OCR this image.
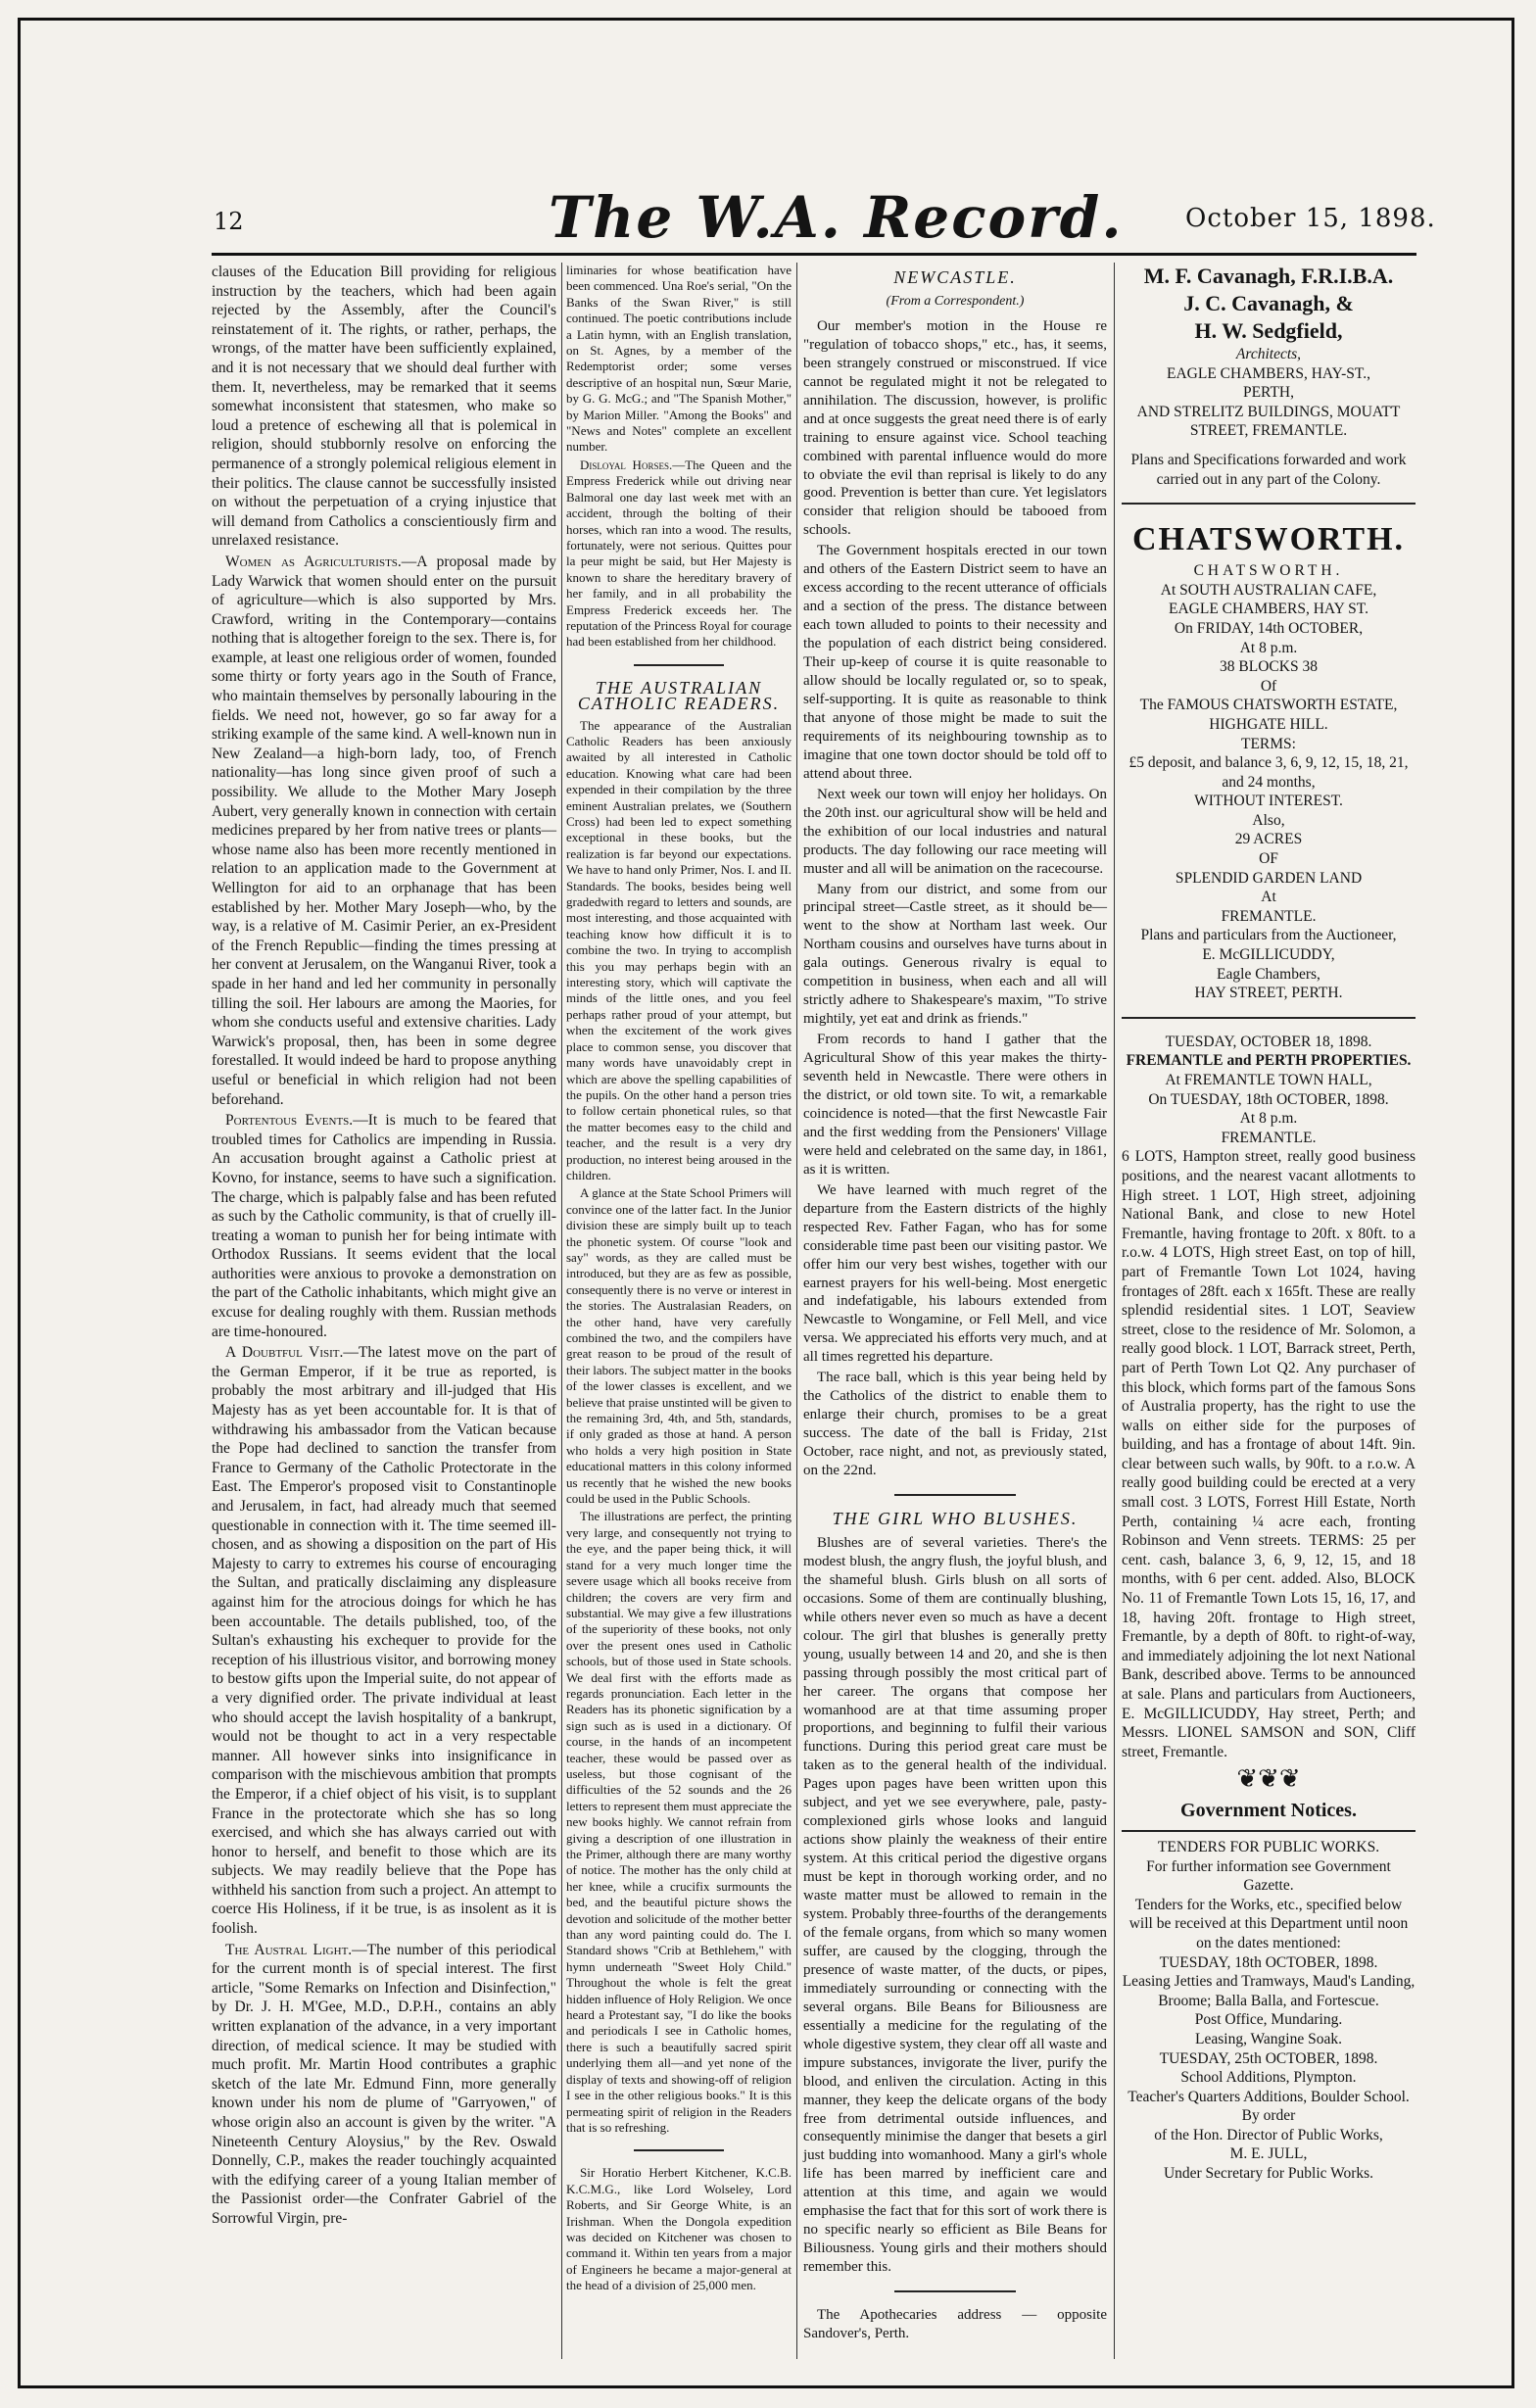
12	The W.A. Record. October 15, 1898.

clauses of the Education Bill providing for religious instruction by the teachers, which had been again rejected by the Assembly, after the Council's reinstatement of it. The rights, or rather, perhaps, the wrongs, of the matter have been sufficiently explained, and it is not necessary that we should deal further with them. It, nevertheless, may be remarked that it seems somewhat inconsistent that statesmen, who make so loud a pretence of eschewing all that is polemical in religion, should stubbornly resolve on enforcing the permanence of a strongly polemical religious element in their politics. The clause cannot be successfully insisted on without the perpetuation of a crying injustice that will demand from Catholics a conscientiously firm and unrelaxed resistance.

Women as Agriculturists.—A proposal made by Lady Warwick that women should enter on the pursuit of agriculture—which is also supported by Mrs. Crawford, writing in the Contemporary—contains nothing that is altogether foreign to the sex. There is, for example, at least one religious order of women, founded some thirty or forty years ago in the South of France, who maintain themselves by personally labouring in the fields. We need not, however, go so far away for a striking example of the same kind. A well-known nun in New Zealand—a high-born lady, too, of French nationality—has long since given proof of such a possibility. We allude to the Mother Mary Joseph Aubert, very generally known in connection with certain medicines prepared by her from native trees or plants—whose name also has been more recently mentioned in relation to an application made to the Government at Wellington for aid to an orphanage that has been established by her. Mother Mary Joseph—who, by the way, is a relative of M. Casimir Perier, an ex-President of the French Republic—finding the times pressing at her convent at Jerusalem, on the Wanganui River, took a spade in her hand and led her community in personally tilling the soil. Her labours are among the Maories, for whom she conducts useful and extensive charities. Lady Warwick's proposal, then, has been in some degree forestalled. It would indeed be hard to propose anything useful or beneficial in which religion had not been beforehand.

Portentous Events.—It is much to be feared that troubled times for Catholics are impending in Russia. An accusation brought against a Catholic priest at Kovno, for instance, seems to have such a signification. The charge, which is palpably false and has been refuted as such by the Catholic community, is that of cruelly ill-treating a woman to punish her for being intimate with Orthodox Russians. It seems evident that the local authorities were anxious to provoke a demonstration on the part of the Catholic inhabitants, which might give an excuse for dealing roughly with them. Russian methods are time-honoured.

A Doubtful Visit.—The latest move on the part of the German Emperor, if it be true as reported, is probably the most arbitrary and ill-judged that His Majesty has as yet been accountable for. It is that of withdrawing his ambassador from the Vatican because the Pope had declined to sanction the transfer from France to Germany of the Catholic Protectorate in the East. The Emperor's proposed visit to Constantinople and Jerusalem, in fact, had already much that seemed questionable in connection with it. The time seemed ill-chosen, and as showing a disposition on the part of His Majesty to carry to extremes his course of encouraging the Sultan, and pratically disclaiming any displeasure against him for the atrocious doings for which he has been accountable. The details published, too, of the Sultan's exhausting his exchequer to provide for the reception of his illustrious visitor, and borrowing money to bestow gifts upon the Imperial suite, do not appear of a very dignified order. The private individual at least who should accept the lavish hospitality of a bankrupt, would not be thought to act in a very respectable manner. All however sinks into insignificance in comparison with the mischievous ambition that prompts the Emperor, if a chief object of his visit, is to supplant France in the protectorate which she has so long exercised, and which she has always carried out with honor to herself, and benefit to those which are its subjects. We may readily believe that the Pope has withheld his sanction from such a project. An attempt to coerce His Holiness, if it be true, is as insolent as it is foolish.

The Austral Light.—The number of this periodical for the current month is of special interest. The first article, "Some Remarks on Infection and Disinfection," by Dr. J. H. M'Gee, M.D., D.P.H., contains an ably written explanation of the advance, in a very important direction, of medical science. It may be studied with much profit. Mr. Martin Hood contributes a graphic sketch of the late Mr. Edmund Finn, more generally known under his nom de plume of "Garryowen," of whose origin also an account is given by the writer. "A Nineteenth Century Aloysius," by the Rev. Oswald Donnelly, C.P., makes the reader touchingly acquainted with the edifying career of a young Italian member of the Passionist order—the Confrater Gabriel of the Sorrowful Virgin, pre-

liminaries for whose beatification have been commenced. Una Roe's serial, "On the Banks of the Swan River," is still continued. The poetic contributions include a Latin hymn, with an English translation, on St. Agnes, by a member of the Redemptorist order; some verses descriptive of an hospital nun, Sœur Marie, by G. G. McG.; and "The Spanish Mother," by Marion Miller. "Among the Books" and "News and Notes" complete an excellent number.

Disloyal Horses.—The Queen and the Empress Frederick while out driving near Balmoral one day last week met with an accident, through the bolting of their horses, which ran into a wood. The results, fortunately, were not serious. Quittes pour la peur might be said, but Her Majesty is known to share the hereditary bravery of her family, and in all probability the Empress Frederick exceeds her. The reputation of the Princess Royal for courage had been established from her childhood.

THE AUSTRALIAN CATHOLIC READERS.

The appearance of the Australian Catholic Readers has been anxiously awaited by all interested in Catholic education. Knowing what care had been expended in their compilation by the three eminent Australian prelates, we (Southern Cross) had been led to expect something exceptional in these books, but the realization is far beyond our expectations. We have to hand only Primer, Nos. I. and II. Standards. The books, besides being well gradedwith regard to letters and sounds, are most interesting, and those acquainted with teaching know how difficult it is to combine the two. In trying to accomplish this you may perhaps begin with an interesting story, which will captivate the minds of the little ones, and you feel perhaps rather proud of your attempt, but when the excitement of the work gives place to common sense, you discover that many words have unavoidably crept in which are above the spelling capabilities of the pupils. On the other hand a person tries to follow certain phonetical rules, so that the matter becomes easy to the child and teacher, and the result is a very dry production, no interest being aroused in the children.

A glance at the State School Primers will convince one of the latter fact. In the Junior division these are simply built up to teach the phonetic system. Of course "look and say" words, as they are called must be introduced, but they are as few as possible, consequently there is no verve or interest in the stories. The Australasian Readers, on the other hand, have very carefully combined the two, and the compilers have great reason to be proud of the result of their labors. The subject matter in the books of the lower classes is excellent, and we believe that praise unstinted will be given to the remaining 3rd, 4th, and 5th, standards, if only graded as those at hand. A person who holds a very high position in State educational matters in this colony informed us recently that he wished the new books could be used in the Public Schools.

The illustrations are perfect, the printing very large, and consequently not trying to the eye, and the paper being thick, it will stand for a very much longer time the severe usage which all books receive from children; the covers are very firm and substantial. We may give a few illustrations of the superiority of these books, not only over the present ones used in Catholic schools, but of those used in State schools. We deal first with the efforts made as regards pronunciation. Each letter in the Readers has its phonetic signification by a sign such as is used in a dictionary. Of course, in the hands of an incompetent teacher, these would be passed over as useless, but those cognisant of the difficulties of the 52 sounds and the 26 letters to represent them must appreciate the new books highly. We cannot refrain from giving a description of one illustration in the Primer, although there are many worthy of notice. The mother has the only child at her knee, while a crucifix surmounts the bed, and the beautiful picture shows the devotion and solicitude of the mother better than any word painting could do. The I. Standard shows "Crib at Bethlehem," with hymn underneath "Sweet Holy Child." Throughout the whole is felt the great hidden influence of Holy Religion. We once heard a Protestant say, "I do like the books and periodicals I see in Catholic homes, there is such a beautifully sacred spirit underlying them all—and yet none of the display of texts and showing-off of religion I see in the other religious books." It is this permeating spirit of religion in the Readers that is so refreshing.

Sir Horatio Herbert Kitchener, K.C.B. K.C.M.G., like Lord Wolseley, Lord Roberts, and Sir George White, is an Irishman. When the Dongola expedition was decided on Kitchener was chosen to command it. Within ten years from a major of Engineers he became a major-general at the head of a division of 25,000 men.

NEWCASTLE.
(From a Correspondent.)

Our member's motion in the House re "regulation of tobacco shops," etc., has, it seems, been strangely construed or misconstrued. If vice cannot be regulated might it not be relegated to annihilation. The discussion, however, is prolific and at once suggests the great need there is of early training to ensure against vice. School teaching combined with parental influence would do more to obviate the evil than reprisal is likely to do any good. Prevention is better than cure. Yet legislators consider that religion should be tabooed from schools.

The Government hospitals erected in our town and others of the Eastern District seem to have an excess according to the recent utterance of officials and a section of the press. The distance between each town alluded to points to their necessity and the population of each district being considered. Their up-keep of course it is quite reasonable to allow should be locally regulated or, so to speak, self-supporting. It is quite as reasonable to think that anyone of those might be made to suit the requirements of its neighbouring township as to imagine that one town doctor should be told off to attend about three.

Next week our town will enjoy her holidays. On the 20th inst. our agricultural show will be held and the exhibition of our local industries and natural products. The day following our race meeting will muster and all will be animation on the racecourse.

Many from our district, and some from our principal street—Castle street, as it should be—went to the show at Northam last week. Our Northam cousins and ourselves have turns about in gala outings. Generous rivalry is equal to competition in business, when each and all will strictly adhere to Shakespeare's maxim, "To strive mightily, yet eat and drink as friends."

From records to hand I gather that the Agricultural Show of this year makes the thirty-seventh held in Newcastle. There were others in the district, or old town site. To wit, a remarkable coincidence is noted—that the first Newcastle Fair and the first wedding from the Pensioners' Village were held and celebrated on the same day, in 1861, as it is written.

We have learned with much regret of the departure from the Eastern districts of the highly respected Rev. Father Fagan, who has for some considerable time past been our visiting pastor. We offer him our very best wishes, together with our earnest prayers for his well-being. Most energetic and indefatigable, his labours extended from Newcastle to Wongamine, or Fell Mell, and vice versa. We appreciated his efforts very much, and at all times regretted his departure.

The race ball, which is this year being held by the Catholics of the district to enable them to enlarge their church, promises to be a great success. The date of the ball is Friday, 21st October, race night, and not, as previously stated, on the 22nd.

THE GIRL WHO BLUSHES.

Blushes are of several varieties. There's the modest blush, the angry flush, the joyful blush, and the shameful blush. Girls blush on all sorts of occasions. Some of them are continually blushing, while others never even so much as have a decent colour. The girl that blushes is generally pretty young, usually between 14 and 20, and she is then passing through possibly the most critical part of her career. The organs that compose her womanhood are at that time assuming proper proportions, and beginning to fulfil their various functions. During this period great care must be taken as to the general health of the individual. Pages upon pages have been written upon this subject, and yet we see everywhere, pale, pasty-complexioned girls whose looks and languid actions show plainly the weakness of their entire system. At this critical period the digestive organs must be kept in thorough working order, and no waste matter must be allowed to remain in the system. Probably three-fourths of the derangements of the female organs, from which so many women suffer, are caused by the clogging, through the presence of waste matter, of the ducts, or pipes, immediately surrounding or connecting with the several organs. Bile Beans for Biliousness are essentially a medicine for the regulating of the whole digestive system, they clear off all waste and impure substances, invigorate the liver, purify the blood, and enliven the circulation. Acting in this manner, they keep the delicate organs of the body free from detrimental outside influences, and consequently minimise the danger that besets a girl just budding into womanhood. Many a girl's whole life has been marred by inefficient care and attention at this time, and again we would emphasise the fact that for this sort of work there is no specific nearly so efficient as Bile Beans for Biliousness. Young girls and their mothers should remember this.

The Apothecaries address — opposite Sandover's, Perth.

M. F. Cavanagh, F.R.I.B.A.

J. C. Cavanagh, &

H. W. Sedgfield,

Architects,

EAGLE CHAMBERS, HAY-ST.,

PERTH,

AND STRELITZ BUILDINGS, MOUATT STREET, FREMANTLE.

Plans and Specifications forwarded and work carried out in any part of the Colony.

CHATSWORTH.

CHATSWORTH.

At SOUTH AUSTRALIAN CAFE,

EAGLE CHAMBERS, HAY ST.

On FRIDAY, 14th OCTOBER,

At 8 p.m.

38 BLOCKS 38

Of

The FAMOUS CHATSWORTH ESTATE,

HIGHGATE HILL.

TERMS:

£5 deposit, and balance 3, 6, 9, 12, 15, 18, 21, and 24 months,

WITHOUT INTEREST.

Also,

29 ACRES

OF

SPLENDID GARDEN LAND

At

FREMANTLE.

Plans and particulars from the Auctioneer,

E. McGILLICUDDY,

Eagle Chambers,

HAY STREET, PERTH.

TUESDAY, OCTOBER 18, 1898.

FREMANTLE and PERTH PROPERTIES.

At FREMANTLE TOWN HALL,

On TUESDAY, 18th OCTOBER, 1898.

At 8 p.m.

FREMANTLE.

6 LOTS, Hampton street, really good business positions, and the nearest vacant allotments to High street. 1 LOT, High street, adjoining National Bank, and close to new Hotel Fremantle, having frontage to 20ft. x 80ft. to a r.o.w. 4 LOTS, High street East, on top of hill, part of Fremantle Town Lot 1024, having frontages of 28ft. each x 165ft. These are really splendid residential sites. 1 LOT, Seaview street, close to the residence of Mr. Solomon, a really good block. 1 LOT, Barrack street, Perth, part of Perth Town Lot Q2. Any purchaser of this block, which forms part of the famous Sons of Australia property, has the right to use the walls on either side for the purposes of building, and has a frontage of about 14ft. 9in. clear between such walls, by 90ft. to a r.o.w. A really good building could be erected at a very small cost. 3 LOTS, Forrest Hill Estate, North Perth, containing ¼ acre each, fronting Robinson and Venn streets. TERMS: 25 per cent. cash, balance 3, 6, 9, 12, 15, and 18 months, with 6 per cent. added. Also, BLOCK No. 11 of Fremantle Town Lots 15, 16, 17, and 18, having 20ft. frontage to High street, Fremantle, by a depth of 80ft. to right-of-way, and immediately adjoining the lot next National Bank, described above. Terms to be announced at sale. Plans and particulars from Auctioneers, E. McGILLICUDDY, Hay street, Perth; and Messrs. LIONEL SAMSON and SON, Cliff street, Fremantle.

❦❦❦

Government Notices.

TENDERS FOR PUBLIC WORKS.

For further information see Government Gazette.

Tenders for the Works, etc., specified below will be received at this Department until noon on the dates mentioned:

TUESDAY, 18th OCTOBER, 1898.

Leasing Jetties and Tramways, Maud's Landing, Broome; Balla Balla, and Fortescue.

Post Office, Mundaring.

Leasing, Wangine Soak.

TUESDAY, 25th OCTOBER, 1898.

School Additions, Plympton.

Teacher's Quarters Additions, Boulder School.

By order

of the Hon. Director of Public Works,

M. E. JULL,

Under Secretary for Public Works.
